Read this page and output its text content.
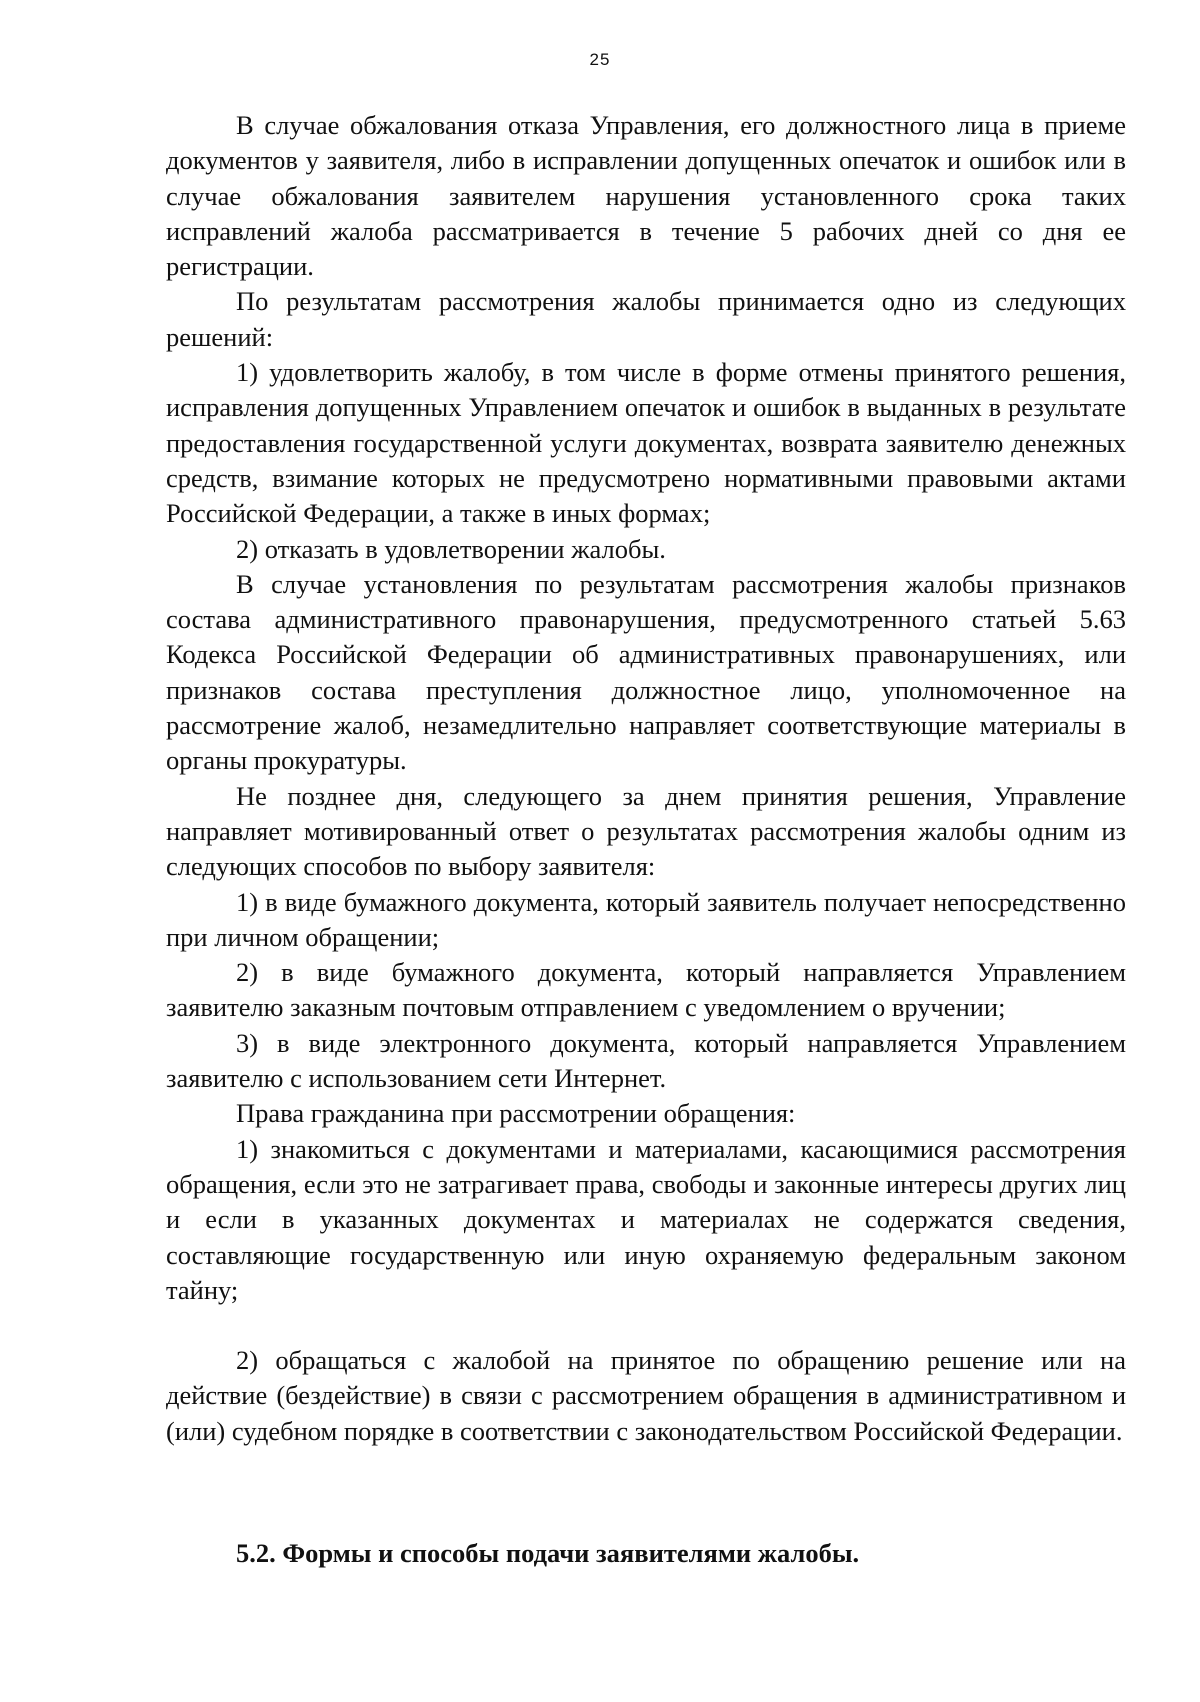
25

В случае обжалования отказа Управления, его должностного лица в приеме документов у заявителя, либо в исправлении допущенных опечаток и ошибок или в случае обжалования заявителем нарушения установленного срока таких исправлений жалоба рассматривается в течение 5 рабочих дней со дня ее регистрации.

По результатам рассмотрения жалобы принимается одно из следующих решений:

1) удовлетворить жалобу, в том числе в форме отмены принятого решения, исправления допущенных Управлением опечаток и ошибок в выданных в результате предоставления государственной услуги документах, возврата заявителю денежных средств, взимание которых не предусмотрено нормативными правовыми актами Российской Федерации, а также в иных формах;

2) отказать в удовлетворении жалобы.

В случае установления по результатам рассмотрения жалобы признаков состава административного правонарушения, предусмотренного статьей 5.63 Кодекса Российской Федерации об административных правонарушениях, или признаков состава преступления должностное лицо, уполномоченное на рассмотрение жалоб, незамедлительно направляет соответствующие материалы в органы прокуратуры.

Не позднее дня, следующего за днем принятия решения, Управление направляет мотивированный ответ о результатах рассмотрения жалобы одним из следующих способов по выбору заявителя:

1) в виде бумажного документа, который заявитель получает непосредственно при личном обращении;

2) в виде бумажного документа, который направляется Управлением заявителю заказным почтовым отправлением с уведомлением о вручении;

3) в виде электронного документа, который направляется Управлением заявителю с использованием сети Интернет.

Права гражданина при рассмотрении обращения:

1) знакомиться с документами и материалами, касающимися рассмотрения обращения, если это не затрагивает права, свободы и законные интересы других лиц и если в указанных документах и материалах не содержатся сведения, составляющие государственную или иную охраняемую федеральным законом тайну;

2) обращаться с жалобой на принятое по обращению решение или на действие (бездействие) в связи с рассмотрением обращения в административном и (или) судебном порядке в соответствии с законодательством Российской Федерации.

5.2. Формы и способы подачи заявителями жалобы.
